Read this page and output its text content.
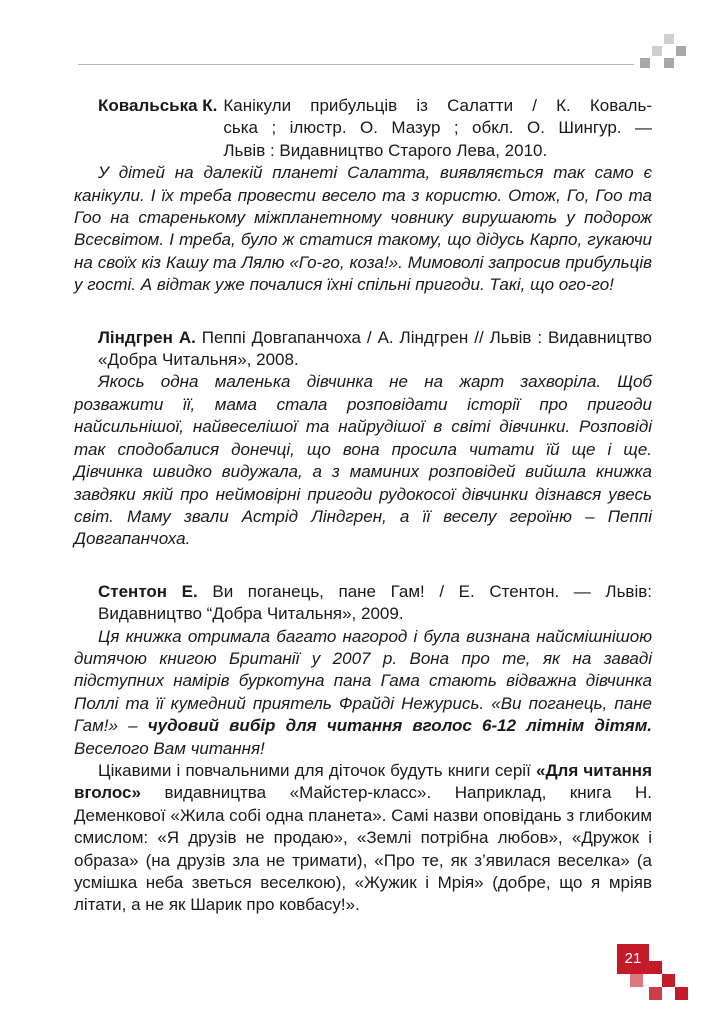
Ковальська К. Канікули прибульців із Салатти / К. Коваль-
ська ; ілюстр. О. Мазур ; обкл. О. Шингур. —
Львів : Видавництво Старого Лева, 2010.

У дітей на далекій планеті Салатта, виявляється так само є канікули. І їх треба провести весело та з користю. Отож, Го, Гоо та Гоо на старенькому міжпланетному човнику вирушають у подорож Всесвітом. І треба, було ж статися такому, що дідусь Карпо, гукаючи на своїх кіз Кашу та Лялю «Го-го, коза!». Мимоволі запросив прибульців у гості. А відтак уже почалися їхні спільні пригоди. Такі, що ого-го!

Ліндгрен А. Пеппі Довгапанчоха / А. Ліндгрен // Львів : Видавництво «Добра Читальня», 2008.

Якось одна маленька дівчинка не на жарт захворіла. Щоб розважити її, мама стала розповідати історії про пригоди найсильнішої, найвеселішої та найрудішої в світі дівчинки. Розповіді так сподобалися донечці, що вона просила читати їй ще і ще. Дівчинка швидко видужала, а з маминих розповідей вийшла книжка завдяки якій про неймовірні пригоди рудокосої дівчинки дізнався увесь світ. Маму звали Астрід Ліндгрен, а її веселу героїню – Пеппі Довгапанчоха.

Стентон Е. Ви поганець, пане Гам! / Е. Стентон. — Львів: Видавництво “Добра Читальня», 2009.

Ця книжка отримала багато нагород і була визнана найсмішнішою дитячою книгою Британії у 2007 р. Вона про те, як на заваді підступних намірів буркотуна пана Гама стають відважна дівчинка Поллі та її кумедний приятель Фрайді Нежурись. «Ви поганець, пане Гам!» – чудовий вибір для читання вголос 6-12 літнім дітям. Веселого Вам читання!

Цікавими і повчальними для діточок будуть книги серії «Для читання вголос» видавництва «Майстер-класс». Наприклад, книга Н. Деменкової «Жила собі одна планета». Самі назви оповідань з глибоким смислом: «Я друзів не продаю», «Землі потрібна любов», «Дружок і образа» (на друзів зла не тримати), «Про те, як з’явилася веселка» (а усмішка неба зветься веселкою), «Жужик і Мрія» (добре, що я мріяв літати, а не як Шарик про ковбасу!».

21
